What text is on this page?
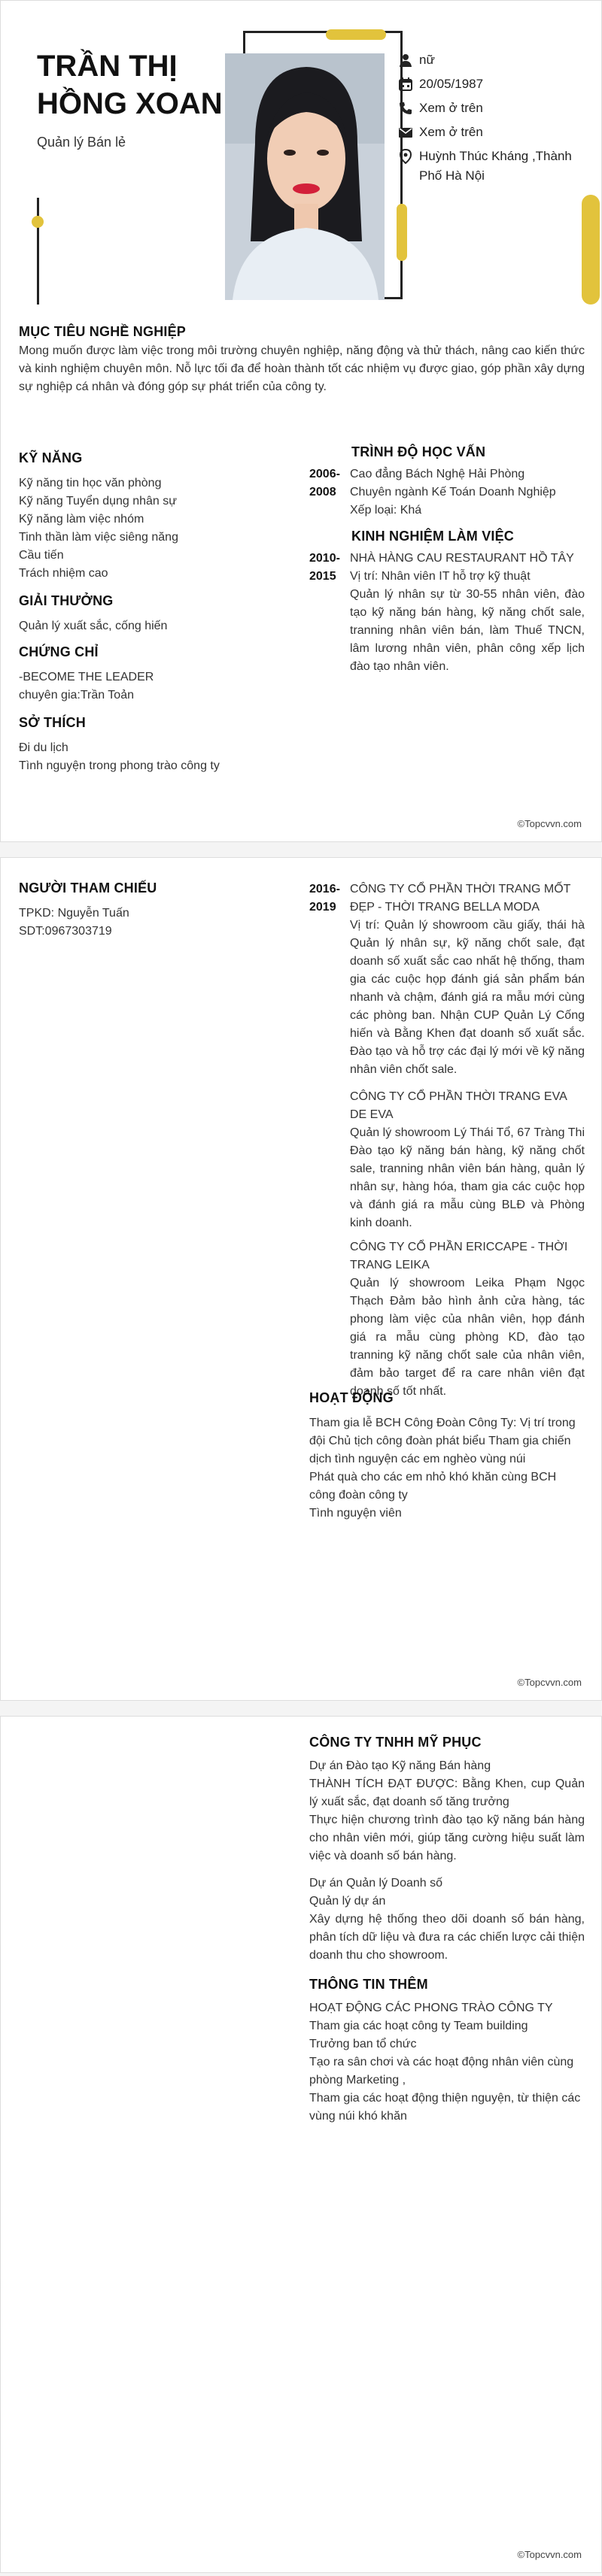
TRẦN THỊ
HỒNG XOAN
Quản lý Bán lẻ
nữ
20/05/1987
Xem ở trên
Xem ở trên
Huỳnh Thúc Kháng ,Thành Phố Hà Nội
MỤC TIÊU NGHỀ NGHIỆP
Mong muốn được làm việc trong môi trường chuyên nghiệp, năng động và thử thách, nâng cao kiến thức và kinh nghiệm chuyên môn. Nỗ lực tối đa để hoàn thành tốt các nhiệm vụ được giao, góp phần xây dựng sự nghiệp cá nhân và đóng góp sự phát triển của công ty.
KỸ NĂNG
Kỹ năng tin học văn phòng
Kỹ năng Tuyển dụng nhân sự
Kỹ năng làm việc nhóm
Tinh thần làm việc siêng năng
Cầu tiến
Trách nhiệm cao
GIẢI THƯỞNG
Quản lý xuất sắc, cống hiến
CHỨNG CHỈ
-BECOME THE LEADER
chuyên gia:Trần Toản
SỞ THÍCH
Đi du lịch
Tình nguyện trong phong trào công ty
TRÌNH ĐỘ HỌC VẤN
2006-
2008
Cao đẳng Bách Nghệ Hải Phòng
Chuyên ngành Kế Toán Doanh Nghiệp
Xếp loại: Khá
KINH NGHIỆM LÀM VIỆC
2010-
2015
NHÀ HÀNG CAU RESTAURANT HỒ TÂY
Vị trí: Nhân viên IT hỗ trợ kỹ thuật
Quản lý nhân sự từ 30-55 nhân viên, đào tạo kỹ năng bán hàng, kỹ năng chốt sale, tranning nhân viên bán, làm Thuế TNCN, lâm lương nhân viên, phân công xếp lịch đào tạo nhân viên.
©Topcvvn.com
NGƯỜI THAM CHIẾU
TPKD: Nguyễn Tuấn
SDT:0967303719
2016-
2019
CÔNG TY CỔ PHẦN THỜI TRANG MỐT ĐẸP - THỜI TRANG BELLA MODA
Vị trí: Quản lý showroom cầu giấy, thái hà Quản lý nhân sự, kỹ năng chốt sale, đạt doanh số xuất sắc cao nhất hệ thống, tham gia các cuộc họp đánh giá sản phẩm bán nhanh và chậm, đánh giá ra mẫu mới cùng các phòng ban. Nhận CUP Quản Lý Cống hiến và Bằng Khen đạt doanh số xuất sắc. Đào tạo và hỗ trợ các đại lý mới về kỹ năng nhân viên chốt sale.
CÔNG TY CỔ PHẦN THỜI TRANG EVA DE EVA
Quản lý showroom Lý Thái Tổ, 67 Tràng Thi Đào tạo kỹ năng bán hàng, kỹ năng chốt sale, tranning nhân viên bán hàng, quản lý nhân sự, hàng hóa, tham gia các cuộc họp và đánh giá ra mẫu cùng BLĐ và Phòng kinh doanh.
CÔNG TY CỔ PHẦN ERICCAPE - THỜI TRANG LEIKA
Quản lý showroom Leika Phạm Ngọc Thạch Đảm bảo hình ảnh cửa hàng, tác phong làm việc của nhân viên, họp đánh giá ra mẫu cùng phòng KD, đào tạo tranning kỹ năng chốt sale của nhân viên, đảm bảo target để ra care nhân viên đạt doanh số tốt nhất.
HOẠT ĐỘNG
Tham gia lễ BCH Công Đoàn Công Ty: Vị trí trong đội Chủ tịch công đoàn phát biểu Tham gia chiến dịch tình nguyện các em nghèo vùng núi
Phát quà cho các em nhỏ khó khăn cùng BCH công đoàn công ty
Tình nguyện viên
©Topcvvn.com
CÔNG TY TNHH MỸ PHỤC
Dự án Đào tạo Kỹ năng Bán hàng
THÀNH TÍCH ĐẠT ĐƯỢC: Bằng Khen, cup Quản lý xuất sắc, đạt doanh số tăng trưởng
Thực hiện chương trình đào tạo kỹ năng bán hàng cho nhân viên mới, giúp tăng cường hiệu suất làm việc và doanh số bán hàng.
Dự án Quản lý Doanh số
Quản lý dự án
Xây dựng hệ thống theo dõi doanh số bán hàng, phân tích dữ liệu và đưa ra các chiến lược cải thiện doanh thu cho showroom.
THÔNG TIN THÊM
HOẠT ĐỘNG CÁC PHONG TRÀO CÔNG TY
Tham gia các hoạt công ty Team building
Trưởng ban tổ chức
Tạo ra sân chơi và các hoạt động nhân viên cùng phòng Marketing ,
Tham gia các hoạt động thiện nguyện, từ thiện các vùng núi khó khăn
©Topcvvn.com
